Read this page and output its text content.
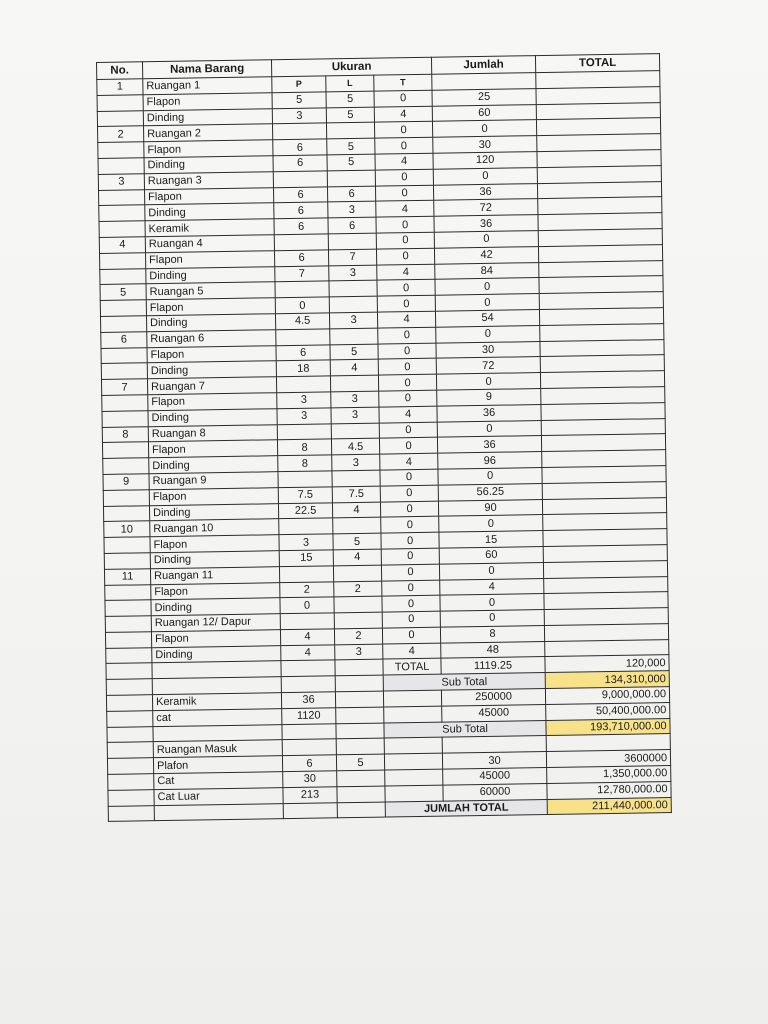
No.	Nama Barang	Ukuran			Jumlah	TOTAL
1	Ruangan 1	P	L	T		
	Flapon	5	5	0	25	
	Dinding	3	5	4	60	
2	Ruangan 2			0	0	
	Flapon	6	5	0	30	
	Dinding	6	5	4	120	
3	Ruangan 3			0	0	
	Flapon	6	6	0	36	
	Dinding	6	3	4	72	
	Keramik	6	6	0	36	
4	Ruangan 4			0	0	
	Flapon	6	7	0	42	
	Dinding	7	3	4	84	
5	Ruangan 5			0	0	
	Flapon	0		0	0	
	Dinding	4.5	3	4	54	
6	Ruangan 6			0	0	
	Flapon	6	5	0	30	
	Dinding	18	4	0	72	
7	Ruangan 7			0	0	
	Flapon	3	3	0	9	
	Dinding	3	3	4	36	
8	Ruangan 8			0	0	
	Flapon	8	4.5	0	36	
	Dinding	8	3	4	96	
9	Ruangan 9			0	0	
	Flapon	7.5	7.5	0	56.25	
	Dinding	22.5	4	0	90	
10	Ruangan 10			0	0	
	Flapon	3	5	0	15	
	Dinding	15	4	0	60	
11	Ruangan 11			0	0	
	Flapon	2	2	0	4	
	Dinding	0		0	0	
	Ruangan 12/ Dapur			0	0	
	Flapon	4	2	0	8	
	Dinding	4	3	4	48	
				TOTAL	1119.25	120,000
				Sub Total		134,310,000
	Keramik	36			250000	9,000,000.00
	cat	1120			45000	50,400,000.00
				Sub Total		193,710,000.00
	Ruangan Masuk					
	Plafon	6	5		30	3600000
	Cat	30			45000	1,350,000.00
	Cat Luar	213			60000	12,780,000.00
				JUMLAH TOTAL		211,440,000.00
